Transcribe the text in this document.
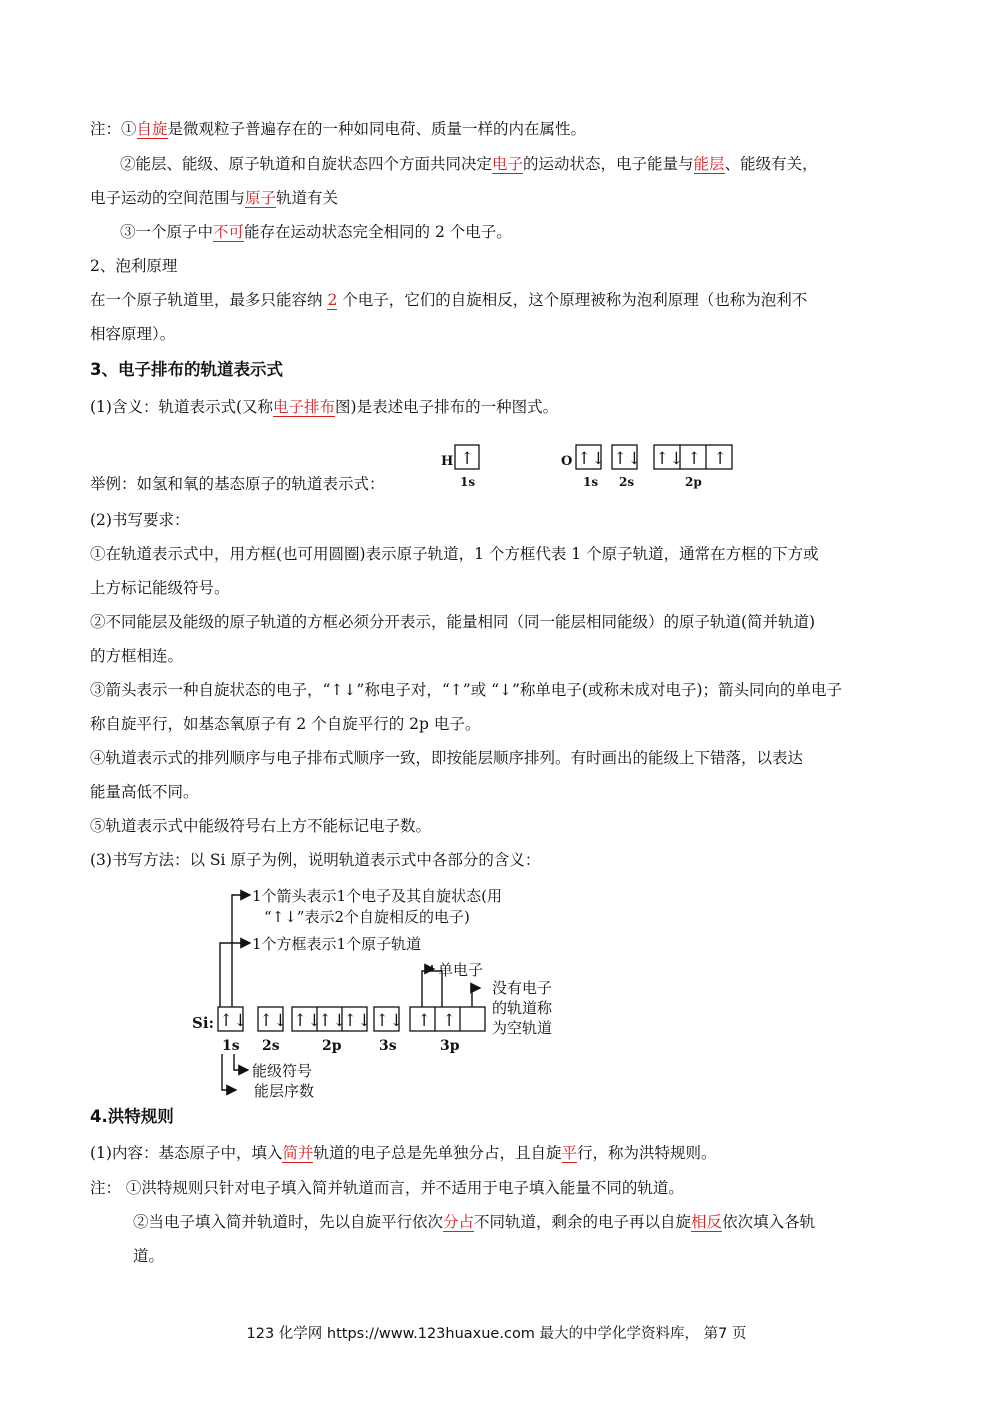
注：①自旋是微观粒子普遍存在的一种如同电荷、质量一样的内在属性。
②能层、能级、原子轨道和自旋状态四个方面共同决定电子的运动状态，电子能量与能层、能级有关，
电子运动的空间范围与原子轨道有关
③一个原子中不可能存在运动状态完全相同的 2 个电子。
2、泡利原理
在一个原子轨道里，最多只能容纳 2 个电子，它们的自旋相反，这个原理被称为泡利原理（也称为泡利不
相容原理）。
3、电子排布的轨道表示式
(1)含义：轨道表示式(又称电子排布图)是表述电子排布的一种图式。
H ↑
1s
O ↑↓
1s
↑↓
2s
↑↓ ↑ ↑
2p
举例：如氢和氧的基态原子的轨道表示式：
(2)书写要求：
①在轨道表示式中，用方框(也可用圆圈)表示原子轨道，1 个方框代表 1 个原子轨道，通常在方框的下方或
上方标记能级符号。
②不同能层及能级的原子轨道的方框必须分开表示，能量相同（同一能层相同能级）的原子轨道(简并轨道)
的方框相连。
③箭头表示一种自旋状态的电子，“↑↓”称电子对，“↑”或 “↓”称单电子(或称未成对电子)；箭头同向的单电子
称自旋平行，如基态氧原子有 2 个自旋平行的 2p 电子。
④轨道表示式的排列顺序与电子排布式顺序一致，即按能层顺序排列。有时画出的能级上下错落，以表达
能量高低不同。
⑤轨道表示式中能级符号右上方不能标记电子数。
(3)书写方法：以 Si 原子为例，说明轨道表示式中各部分的含义：
1个箭头表示1个电子及其自旋状态(用
“↑↓”表示2个自旋相反的电子)
1个方框表示1个原子轨道
Si: ↑↓
1s
↑↓
2s
↑↓
↑↓
↑↓
2p
↑↓
3s
↑ ↑
3p
单电子
没有电子
的轨道称
为空轨道
能级符号
能层序数
4.洪特规则
(1)内容：基态原子中，填入简并轨道的电子总是先单独分占，且自旋平行，称为洪特规则。
注： ①洪特规则只针对电子填入简并轨道而言，并不适用于电子填入能量不同的轨道。
②当电子填入简并轨道时，先以自旋平行依次分占不同轨道，剩余的电子再以自旋相反依次填入各轨
道。
123 化学网 https://www.123huaxue.com 最大的中学化学资料库， 第7 页
